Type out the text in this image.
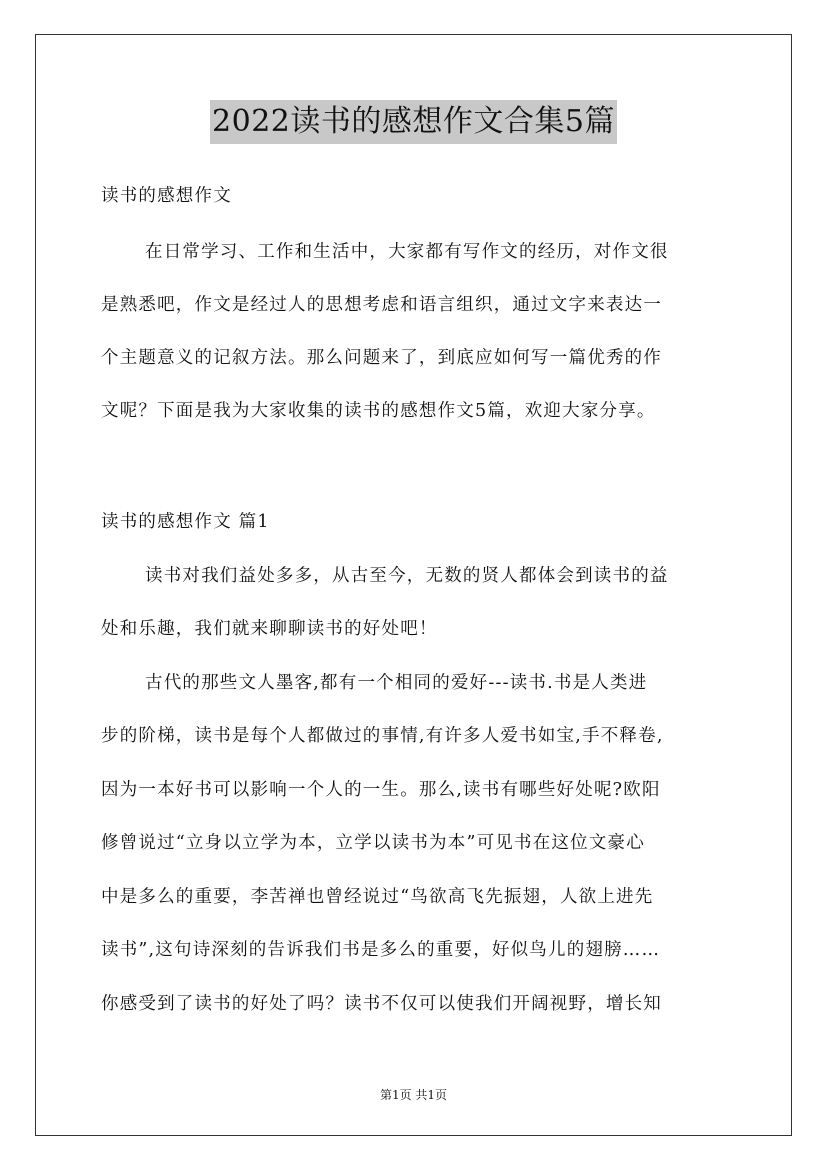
2022读书的感想作文合集5篇
读书的感想作文
在日常学习、工作和生活中，大家都有写作文的经历，对作文很
是熟悉吧，作文是经过人的思想考虑和语言组织，通过文字来表达一
个主题意义的记叙方法。那么问题来了，到底应如何写一篇优秀的作
文呢？下面是我为大家收集的读书的感想作文5篇，欢迎大家分享。
读书的感想作文 篇1
读书对我们益处多多，从古至今，无数的贤人都体会到读书的益
处和乐趣，我们就来聊聊读书的好处吧！
古代的那些文人墨客,都有一个相同的爱好---读书.书是人类进
步的阶梯，读书是每个人都做过的事情,有许多人爱书如宝,手不释卷,
因为一本好书可以影响一个人的一生。那么,读书有哪些好处呢?欧阳
修曾说过“立身以立学为本，立学以读书为本”可见书在这位文豪心
中是多么的重要，李苦禅也曾经说过“鸟欲高飞先振翅，人欲上进先
读书”,这句诗深刻的告诉我们书是多么的重要，好似鸟儿的翅膀……
你感受到了读书的好处了吗？读书不仅可以使我们开阔视野，增长知
第1页 共1页
